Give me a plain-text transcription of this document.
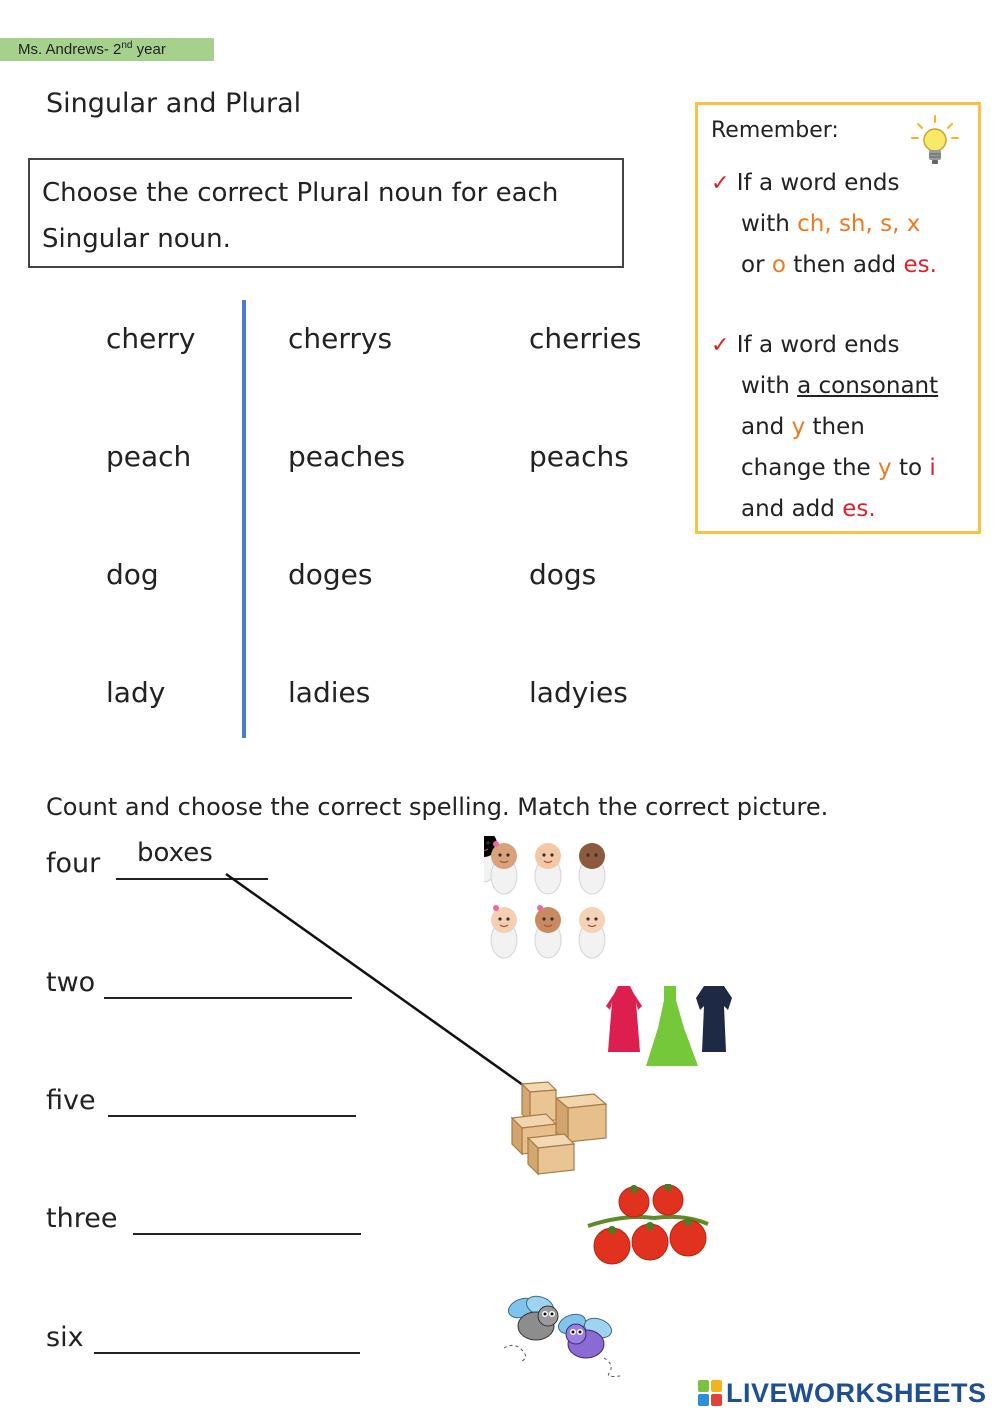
Ms. Andrews- 2nd year
Singular and Plural
Choose the correct Plural noun for each Singular noun.
cherry	cherrys	cherries
peach	peaches	peachs
dog	doges	dogs
lady	ladies	ladyies
Remember:
✓ If a word ends
with ch, sh, s, x
or o then add es.
✓ If a word ends
with a consonant
and y then
change the y to i
and add es.
Count and choose the correct spelling. Match the correct picture.
four boxes
two
five
three
six
LIVEWORKSHEETS
